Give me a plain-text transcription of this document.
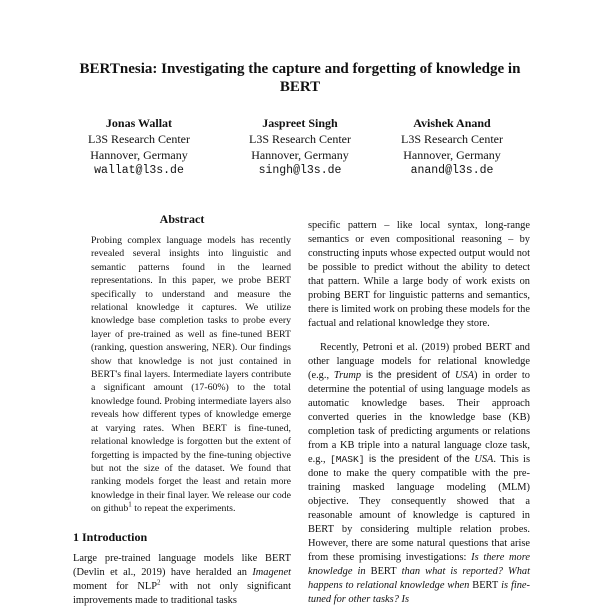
BERTnesia: Investigating the capture and forgetting of knowledge in BERT
Jonas Wallat
L3S Research Center
Hannover, Germany
wallat@l3s.de
Jaspreet Singh
L3S Research Center
Hannover, Germany
singh@l3s.de
Avishek Anand
L3S Research Center
Hannover, Germany
anand@l3s.de
Abstract

Probing complex language models has recently revealed several insights into linguistic and semantic patterns found in the learned representations. In this paper, we probe BERT specifically to understand and measure the relational knowledge it captures. We utilize knowledge base completion tasks to probe every layer of pre-trained as well as fine-tuned BERT (ranking, question answering, NER). Our findings show that knowledge is not just contained in BERT's final layers. Intermediate layers contribute a significant amount (17-60%) to the total knowledge found. Probing intermediate layers also reveals how different types of knowledge emerge at varying rates. When BERT is fine-tuned, relational knowledge is forgotten but the extent of forgetting is impacted by the fine-tuning objective but not the size of the dataset. We found that ranking models forget the least and retain more knowledge in their final layer. We release our code on github$^1$ to repeat the experiments.

1 Introduction

Large pre-trained language models like BERT (Devlin et al., 2019) have heralded an Imagenet moment for NLP$^2$ with not only significant improvements made to traditional tasks

specific pattern – like local syntax, long-range semantics or even compositional reasoning – by constructing inputs whose expected output would not be possible to predict without the ability to detect that pattern. While a large body of work exists on probing BERT for linguistic patterns and semantics, there is limited work on probing these models for the factual and relational knowledge they store.

Recently, Petroni et al. (2019) probed BERT and other language models for relational knowledge (e.g., Trump is the president of USA) in order to determine the potential of using language models as automatic knowledge bases. Their approach converted queries in the knowledge base (KB) completion task of predicting arguments or relations from a KB triple into a natural language cloze task, e.g., [MASK] is the president of the USA. This is done to make the query compatible with the pre-training masked language modeling (MLM) objective. They consequently showed that a reasonable amount of knowledge is captured in BERT by considering multiple relation probes. However, there are some natural questions that arise from these promising investigations: Is there more knowledge in BERT than what is reported? What happens to relational knowledge when BERT is fine-tuned for other tasks? Is
